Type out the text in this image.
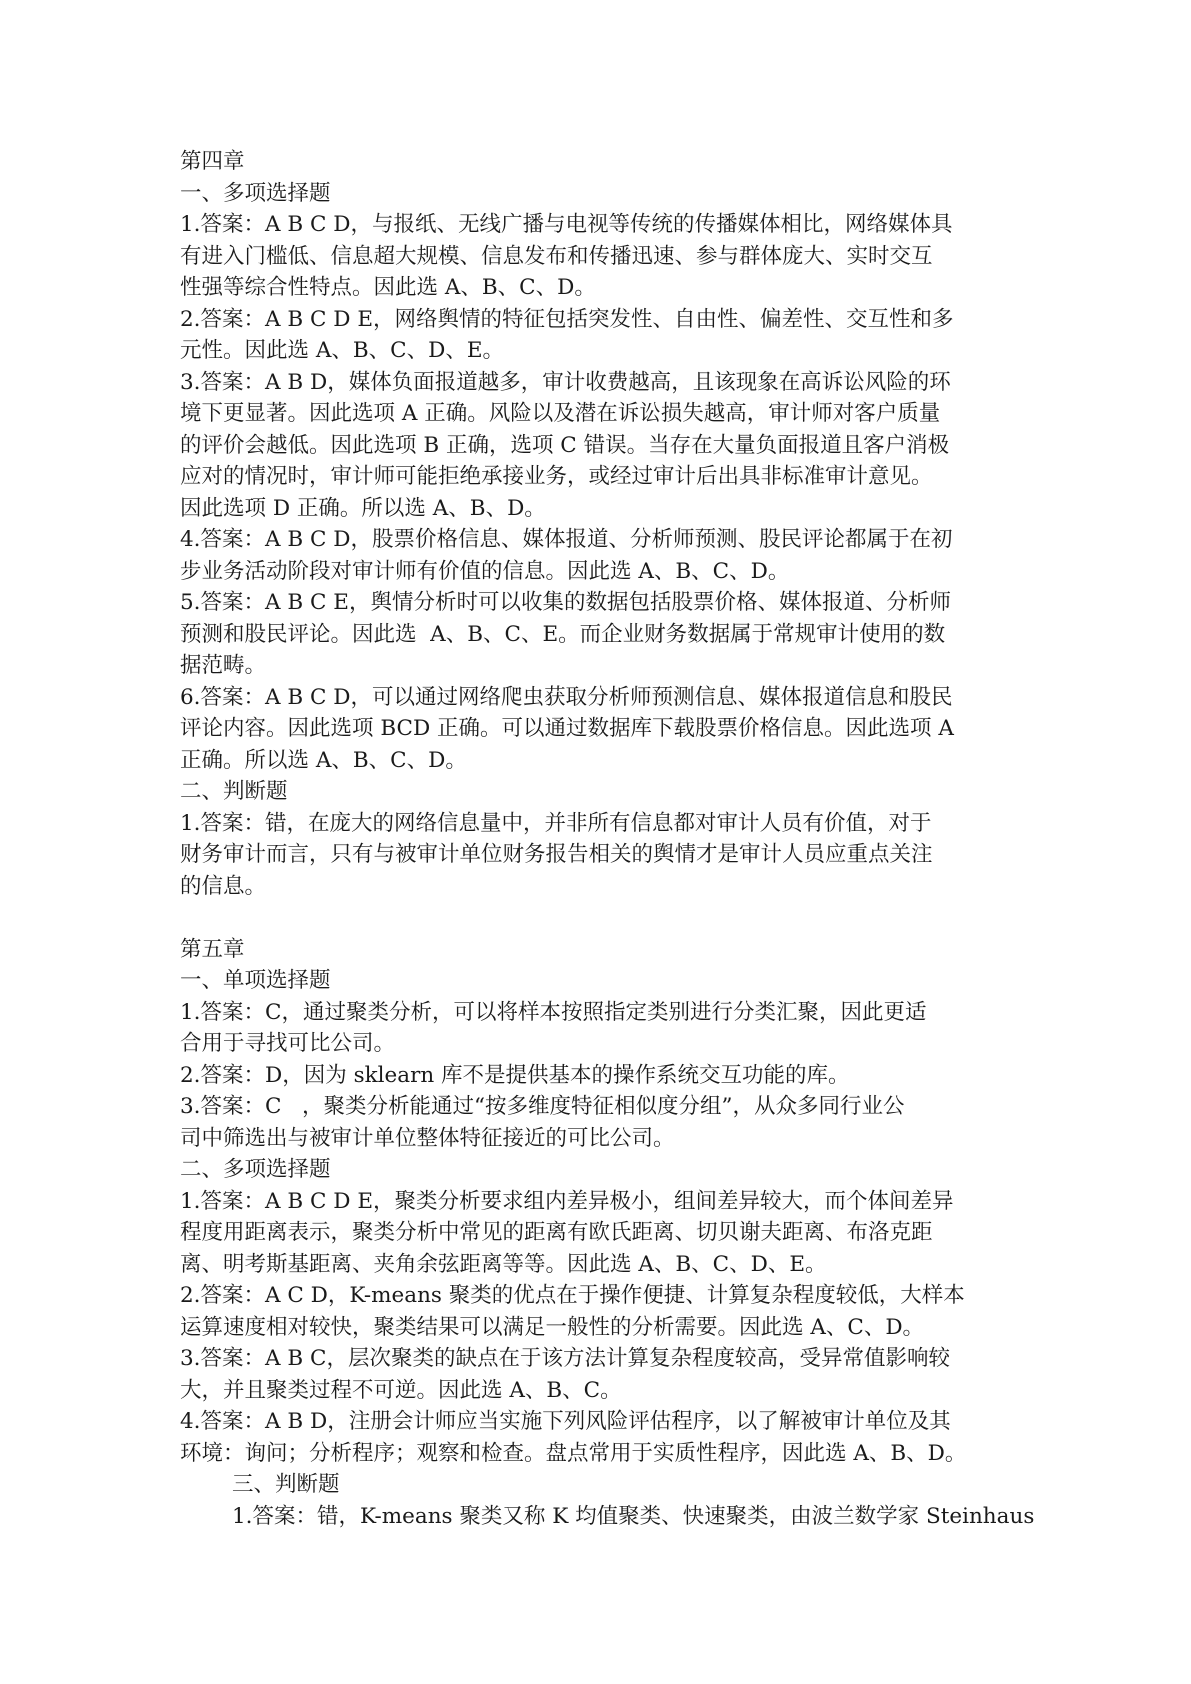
第四章

一、多项选择题

1.答案：A B C D，与报纸、无线广播与电视等传统的传播媒体相比，网络媒体具

有进入门槛低、信息超大规模、信息发布和传播迅速、参与群体庞大、实时交互

性强等综合性特点。因此选 A、B、C、D。

2.答案：A B C D E，网络舆情的特征包括突发性、自由性、偏差性、交互性和多

元性。因此选 A、B、C、D、E。

3.答案：A B D，媒体负面报道越多，审计收费越高，且该现象在高诉讼风险的环

境下更显著。因此选项 A 正确。风险以及潜在诉讼损失越高，审计师对客户质量

的评价会越低。因此选项 B 正确，选项 C 错误。当存在大量负面报道且客户消极

应对的情况时，审计师可能拒绝承接业务，或经过审计后出具非标准审计意见。

因此选项 D 正确。所以选 A、B、D。

4.答案：A B C D，股票价格信息、媒体报道、分析师预测、股民评论都属于在初

步业务活动阶段对审计师有价值的信息。因此选 A、B、C、D。

5.答案：A B C E，舆情分析时可以收集的数据包括股票价格、媒体报道、分析师

预测和股民评论。因此选  A、B、C、E。而企业财务数据属于常规审计使用的数

据范畴。

6.答案：A B C D，可以通过网络爬虫获取分析师预测信息、媒体报道信息和股民

评论内容。因此选项 BCD 正确。可以通过数据库下载股票价格信息。因此选项 A

正确。所以选 A、B、C、D。

二、判断题

1.答案：错，在庞大的网络信息量中，并非所有信息都对审计人员有价值，对于

财务审计而言，只有与被审计单位财务报告相关的舆情才是审计人员应重点关注

的信息。

第五章

一、单项选择题

1.答案：C，通过聚类分析，可以将样本按照指定类别进行分类汇聚，因此更适

合用于寻找可比公司。

2.答案：D，因为 sklearn 库不是提供基本的操作系统交互功能的库。

3.答案：C   ，聚类分析能通过“按多维度特征相似度分组”，从众多同行业公

司中筛选出与被审计单位整体特征接近的可比公司。

二、多项选择题

1.答案：A B C D E，聚类分析要求组内差异极小，组间差异较大，而个体间差异

程度用距离表示，聚类分析中常见的距离有欧氏距离、切贝谢夫距离、布洛克距

离、明考斯基距离、夹角余弦距离等等。因此选 A、B、C、D、E。

2.答案：A C D，K-means 聚类的优点在于操作便捷、计算复杂程度较低，大样本

运算速度相对较快，聚类结果可以满足一般性的分析需要。因此选 A、C、D。

3.答案：A B C，层次聚类的缺点在于该方法计算复杂程度较高，受异常值影响较

大，并且聚类过程不可逆。因此选 A、B、C。

4.答案：A B D，注册会计师应当实施下列风险评估程序，以了解被审计单位及其

环境：询问；分析程序；观察和检查。盘点常用于实质性程序，因此选 A、B、D。

三、判断题

1.答案：错，K-means 聚类又称 K 均值聚类、快速聚类，由波兰数学家 Steinhaus
